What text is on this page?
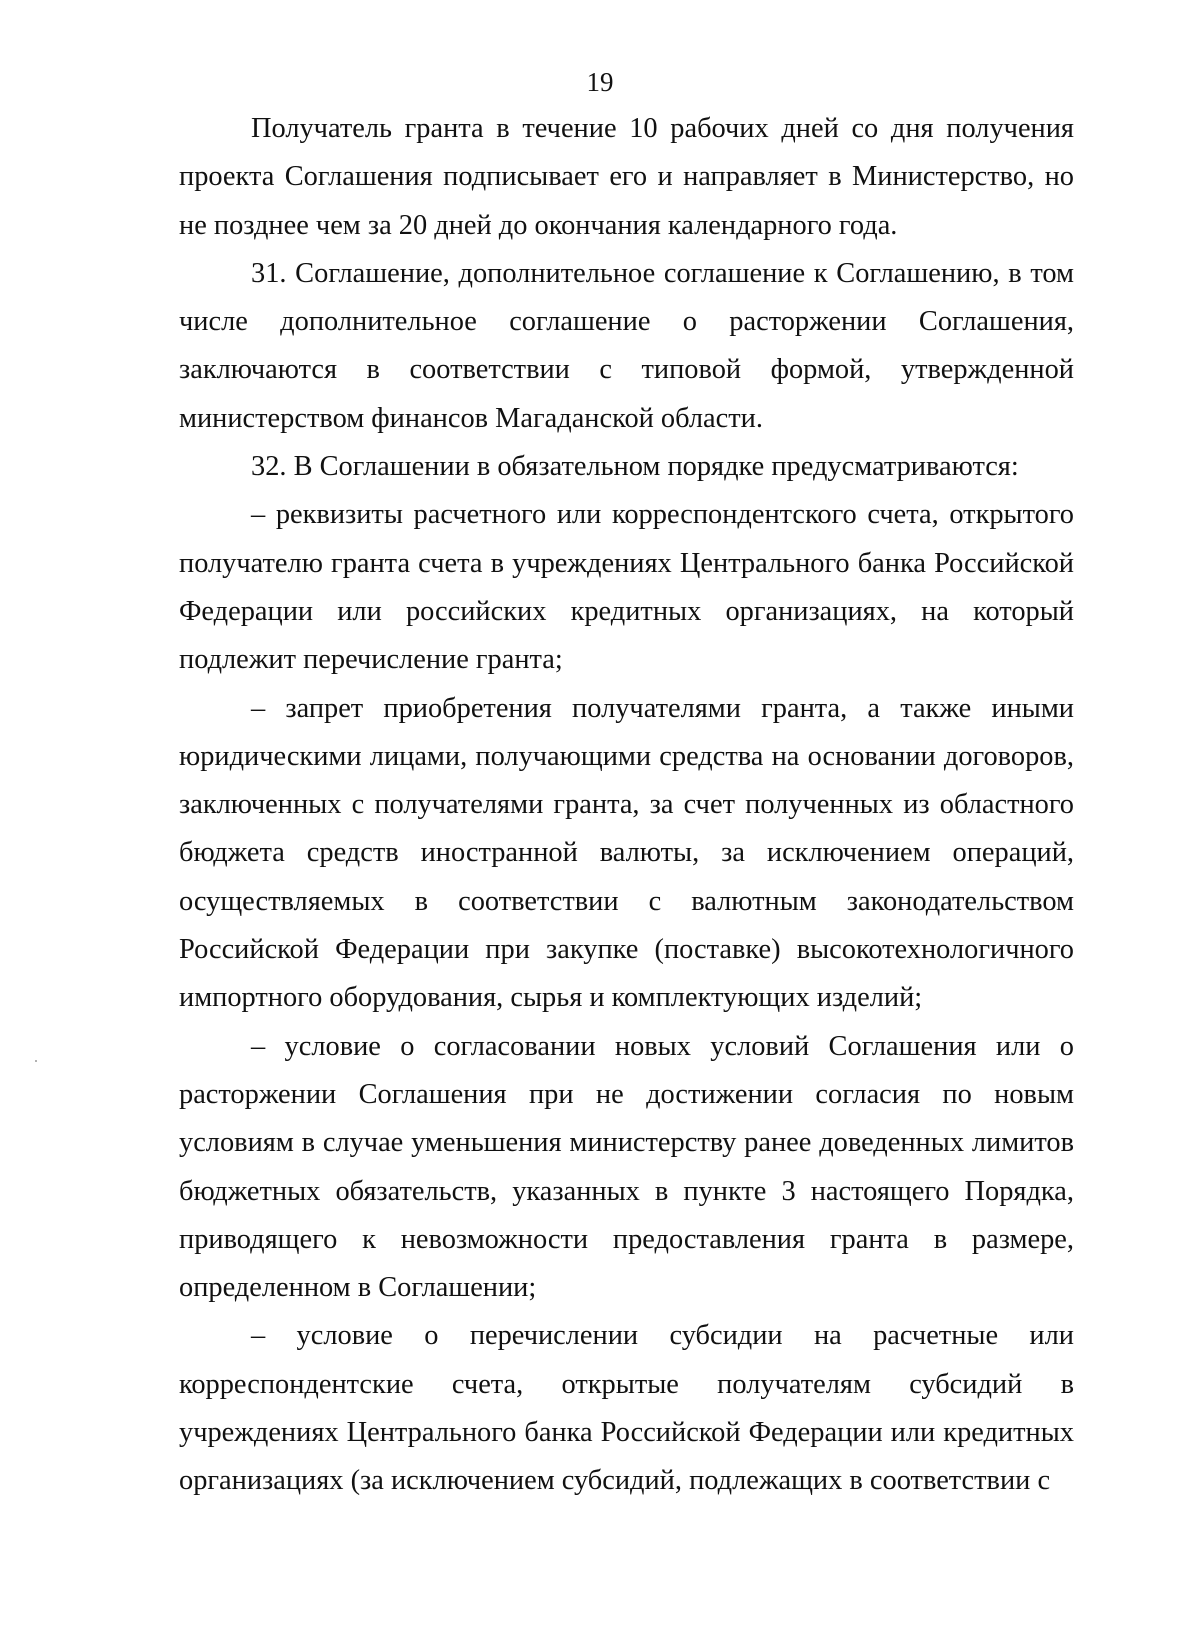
19

Получатель гранта в течение 10 рабочих дней со дня получения проекта Соглашения подписывает его и направляет в Министерство, но не позднее чем за 20 дней до окончания календарного года.

31. Соглашение, дополнительное соглашение к Соглашению, в том числе дополнительное соглашение о расторжении Соглашения, заключаются в соответствии с типовой формой, утвержденной министерством финансов Магаданской области.

32. В Соглашении в обязательном порядке предусматриваются:

– реквизиты расчетного или корреспондентского счета, открытого получателю гранта счета в учреждениях Центрального банка Российской Федерации или российских кредитных организациях, на который подлежит перечисление гранта;

– запрет приобретения получателями гранта, а также иными юридическими лицами, получающими средства на основании договоров, заключенных с получателями гранта, за счет полученных из областного бюджета средств иностранной валюты, за исключением операций, осуществляемых в соответствии с валютным законодательством Российской Федерации при закупке (поставке) высокотехнологичного импортного оборудования, сырья и комплектующих изделий;

– условие о согласовании новых условий Соглашения или о расторжении Соглашения при не достижении согласия по новым условиям в случае уменьшения министерству ранее доведенных лимитов бюджетных обязательств, указанных в пункте 3 настоящего Порядка, приводящего к невозможности предоставления гранта в размере, определенном в Соглашении;

– условие о перечислении субсидии на расчетные или корреспондентские счета, открытые получателям субсидий в учреждениях Центрального банка Российской Федерации или кредитных организациях (за исключением субсидий, подлежащих в соответствии с
